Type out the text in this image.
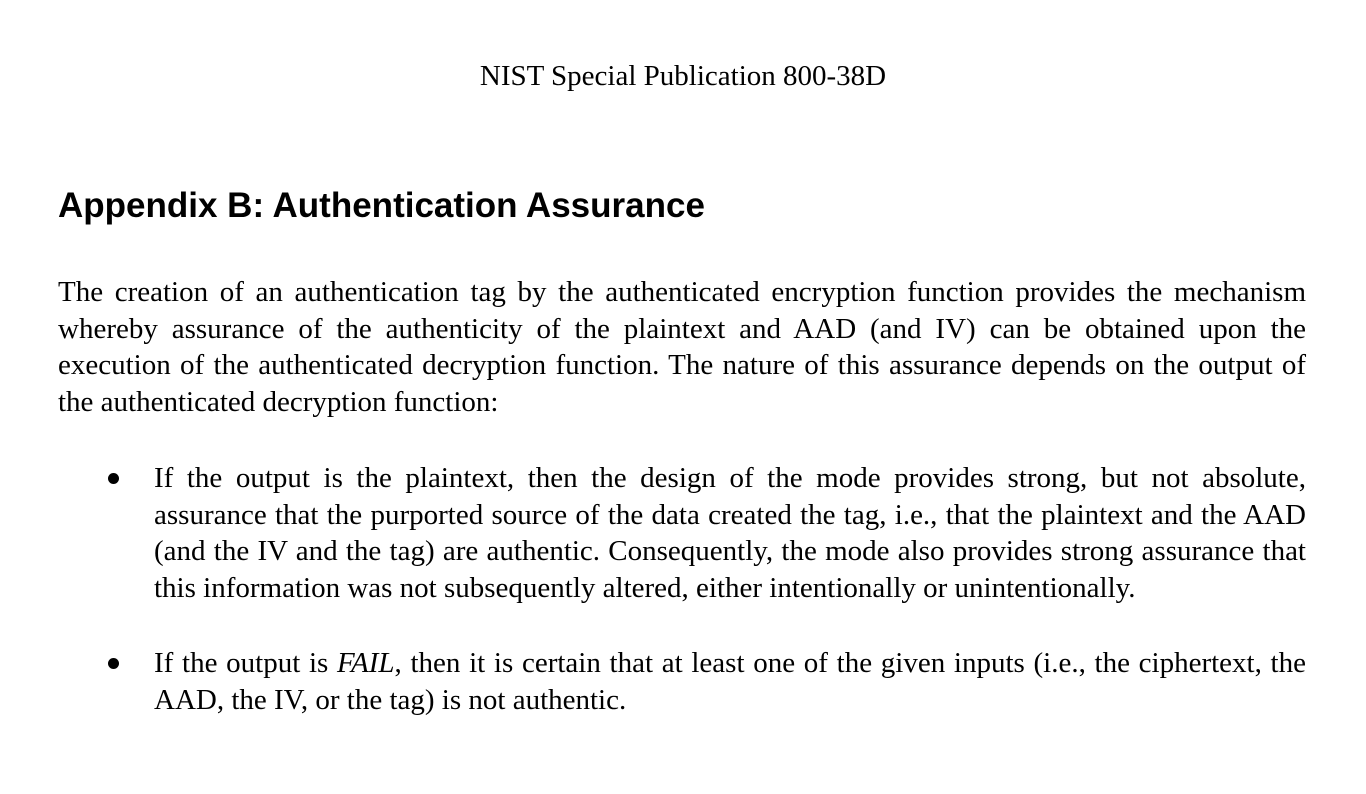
NIST Special Publication 800-38D
Appendix B: Authentication Assurance

The creation of an authentication tag by the authenticated encryption function provides the mechanism whereby assurance of the authenticity of the plaintext and AAD (and IV) can be obtained upon the execution of the authenticated decryption function. The nature of this assurance depends on the output of the authenticated decryption function:

If the output is the plaintext, then the design of the mode provides strong, but not absolute, assurance that the purported source of the data created the tag, i.e., that the plaintext and the AAD (and the IV and the tag) are authentic. Consequently, the mode also provides strong assurance that this information was not subsequently altered, either intentionally or unintentionally.

If the output is FAIL, then it is certain that at least one of the given inputs (i.e., the ciphertext, the AAD, the IV, or the tag) is not authentic.
